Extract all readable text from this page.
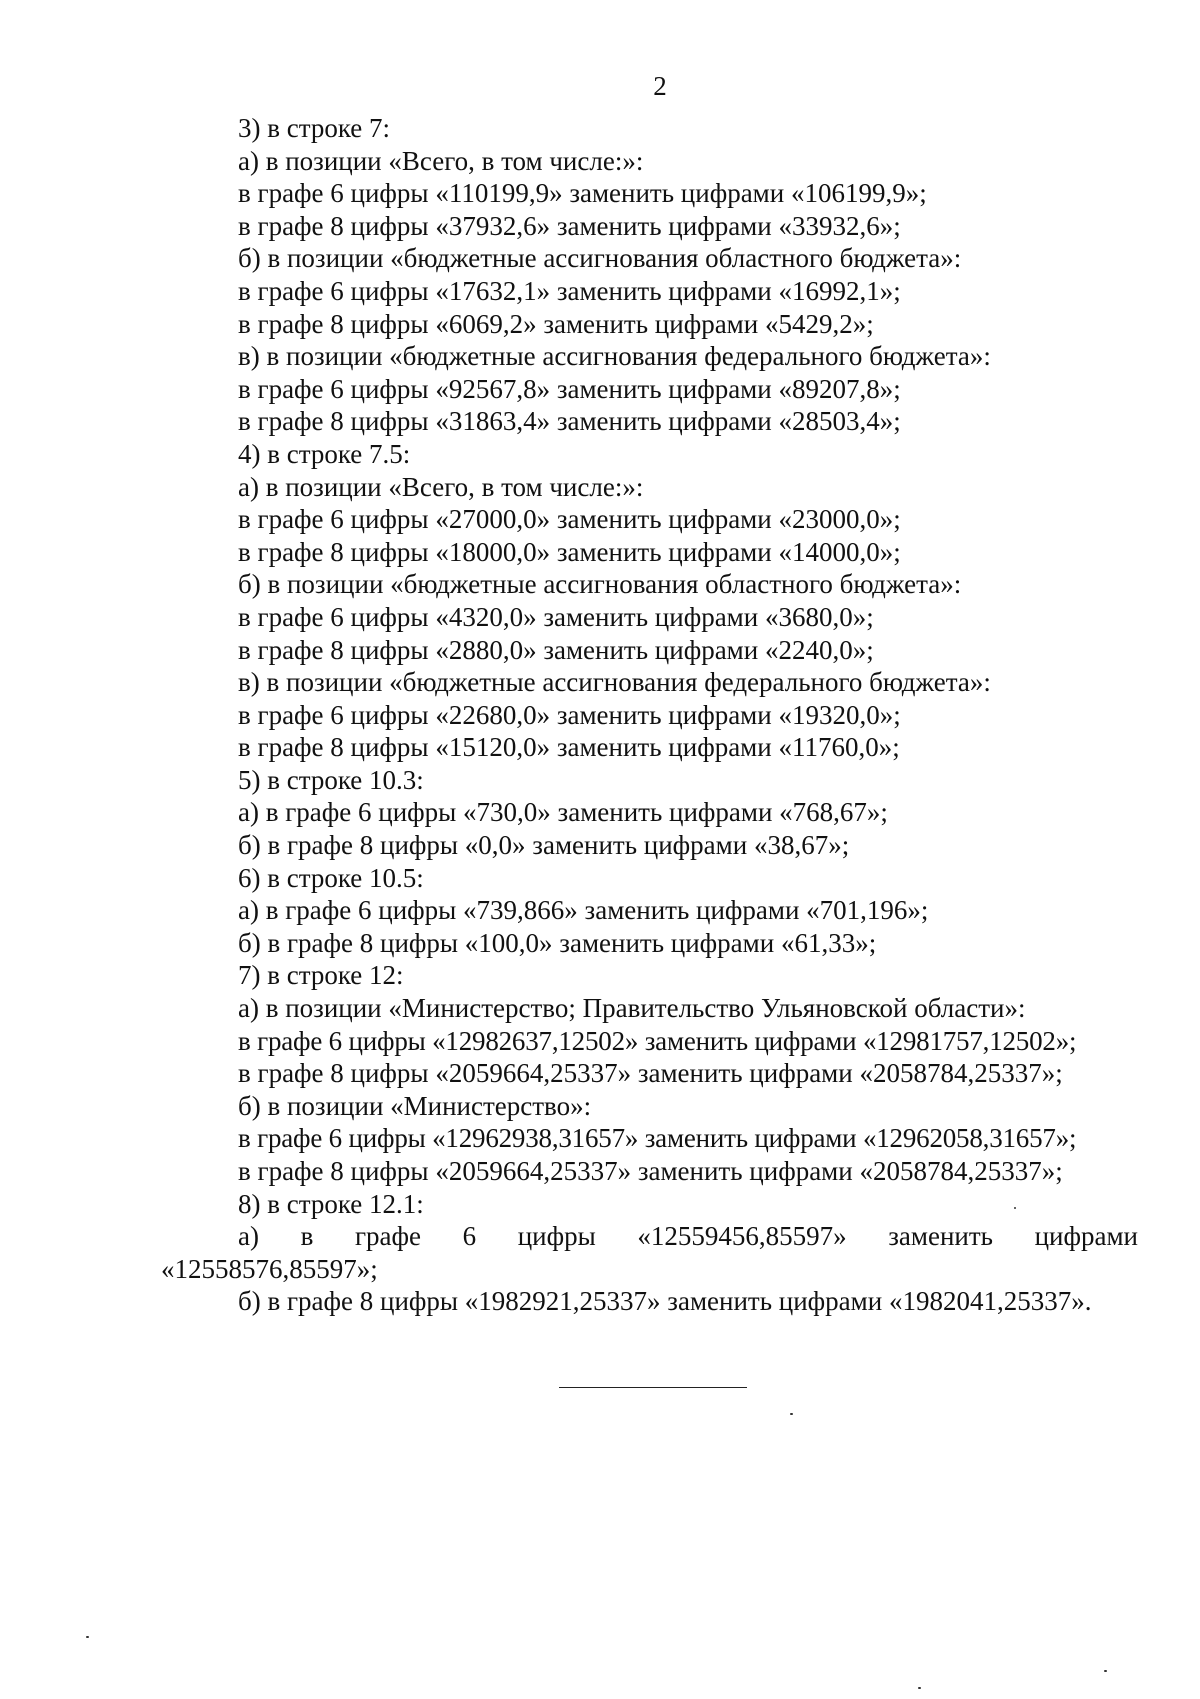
2
3) в строке 7:
а) в позиции «Всего, в том числе:»:
в графе 6 цифры «110199,9» заменить цифрами «106199,9»;
в графе 8 цифры «37932,6» заменить цифрами «33932,6»;
б) в позиции «бюджетные ассигнования областного бюджета»:
в графе 6 цифры «17632,1» заменить цифрами «16992,1»;
в графе 8 цифры «6069,2» заменить цифрами «5429,2»;
в) в позиции «бюджетные ассигнования федерального бюджета»:
в графе 6 цифры «92567,8» заменить цифрами «89207,8»;
в графе 8 цифры «31863,4» заменить цифрами «28503,4»;
4) в строке 7.5:
а) в позиции «Всего, в том числе:»:
в графе 6 цифры «27000,0» заменить цифрами «23000,0»;
в графе 8 цифры «18000,0» заменить цифрами «14000,0»;
б) в позиции «бюджетные ассигнования областного бюджета»:
в графе 6 цифры «4320,0» заменить цифрами «3680,0»;
в графе 8 цифры «2880,0» заменить цифрами «2240,0»;
в) в позиции «бюджетные ассигнования федерального бюджета»:
в графе 6 цифры «22680,0» заменить цифрами «19320,0»;
в графе 8 цифры «15120,0» заменить цифрами «11760,0»;
5) в строке 10.3:
а) в графе 6 цифры «730,0» заменить цифрами «768,67»;
б) в графе 8 цифры «0,0» заменить цифрами «38,67»;
6) в строке 10.5:
а) в графе 6 цифры «739,866» заменить цифрами «701,196»;
б) в графе 8 цифры «100,0» заменить цифрами «61,33»;
7) в строке 12:
а) в позиции «Министерство; Правительство Ульяновской области»:
в графе 6 цифры «12982637,12502» заменить цифрами «12981757,12502»;
в графе 8 цифры «2059664,25337» заменить цифрами «2058784,25337»;
б) в позиции «Министерство»:
в графе 6 цифры «12962938,31657» заменить цифрами «12962058,31657»;
в графе 8 цифры «2059664,25337» заменить цифрами «2058784,25337»;
8) в строке 12.1:
а) в графе 6 цифры «12559456,85597» заменить цифрами
«12558576,85597»;
б) в графе 8 цифры «1982921,25337» заменить цифрами «1982041,25337».
